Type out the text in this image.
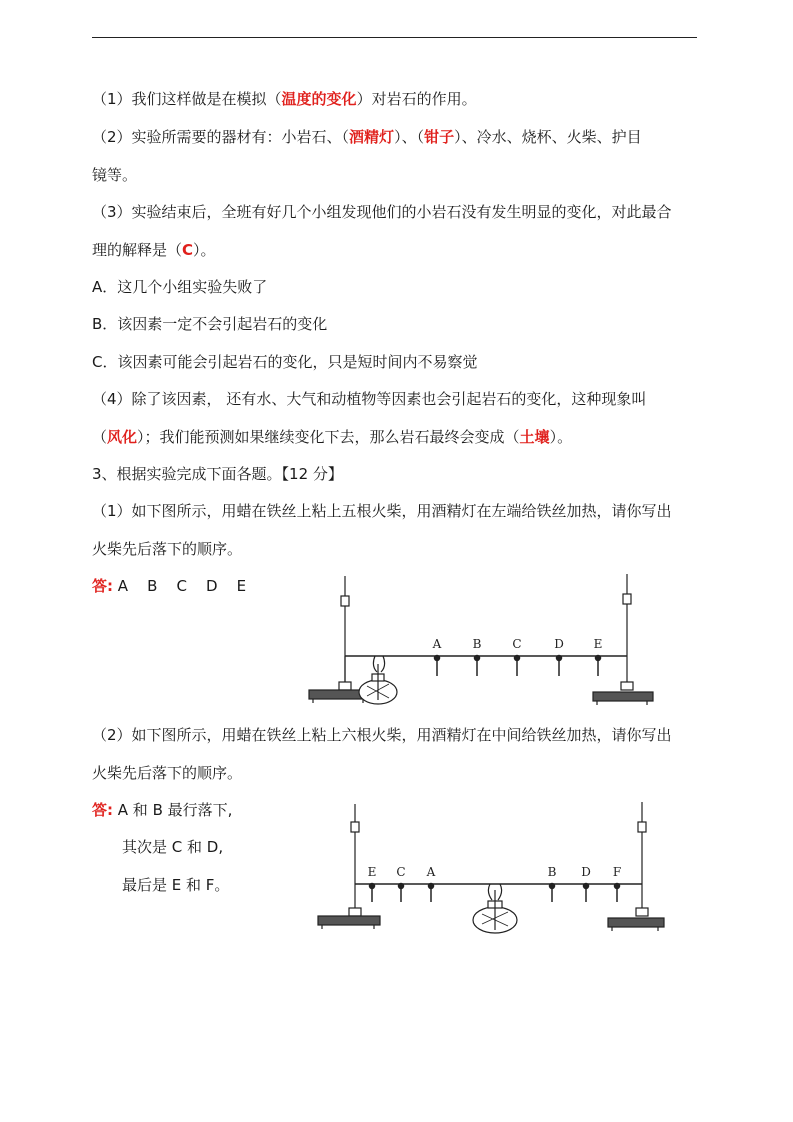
（1）我们这样做是在模拟（温度的变化）对岩石的作用。
（2）实验所需要的器材有：小岩石、（酒精灯）、（钳子）、冷水、烧杯、火柴、护目
镜等。
（3）实验结束后，全班有好几个小组发现他们的小岩石没有发生明显的变化，对此最合
理的解释是（C）。
A．这几个小组实验失败了
B．该因素一定不会引起岩石的变化
C．该因素可能会引起岩石的变化，只是短时间内不易察觉
（4）除了该因素， 还有水、大气和动植物等因素也会引起岩石的变化，这种现象叫
（风化）；我们能预测如果继续变化下去，那么岩石最终会变成（土壤）。
3、根据实验完成下面各题。【12 分】
（1）如下图所示，用蜡在铁丝上粘上五根火柴，用酒精灯在左端给铁丝加热，请你写出
火柴先后落下的顺序。
答: A    B    C    D    E
A	B	C	D E
（2）如下图所示，用蜡在铁丝上粘上六根火柴，用酒精灯在中间给铁丝加热，请你写出
火柴先后落下的顺序。
答: A 和 B 最行落下,
其次是 C 和 D,
最后是 E 和 F。
E C A	B D F
